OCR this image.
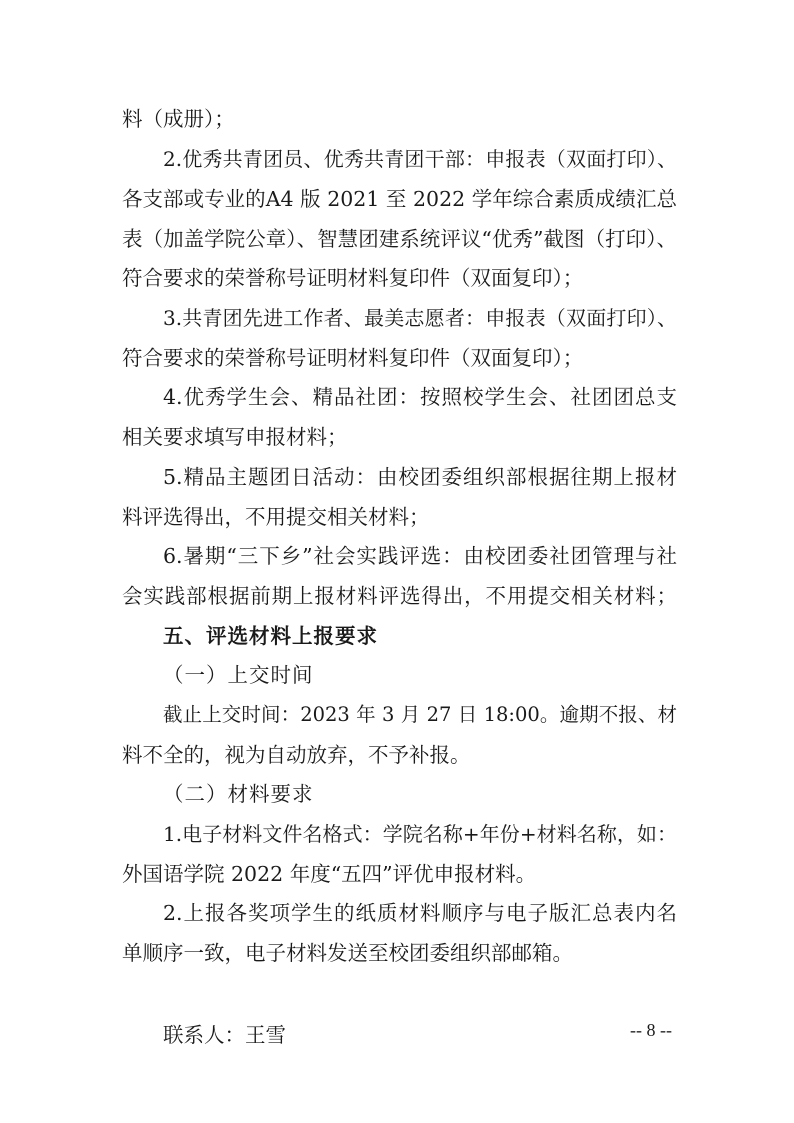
料（成册）；
2.优秀共青团员、优秀共青团干部：申报表（双面打印）、
各支部或专业的A4 版 2021 至 2022 学年综合素质成绩汇总
表（加盖学院公章）、智慧团建系统评议“优秀”截图（打印）、
符合要求的荣誉称号证明材料复印件（双面复印）；
3.共青团先进工作者、最美志愿者：申报表（双面打印）、
符合要求的荣誉称号证明材料复印件（双面复印）；
4.优秀学生会、精品社团：按照校学生会、社团团总支
相关要求填写申报材料；
5.精品主题团日活动：由校团委组织部根据往期上报材
料评选得出，不用提交相关材料；
6.暑期“三下乡”社会实践评选：由校团委社团管理与社
会实践部根据前期上报材料评选得出，不用提交相关材料；
五、评选材料上报要求
（一）上交时间
截止上交时间：2023 年 3 月 27 日 18:00。逾期不报、材
料不全的，视为自动放弃，不予补报。
（二）材料要求
1.电子材料文件名格式：学院名称+年份+材料名称，如：
外国语学院 2022 年度“五四”评优申报材料。
2.上报各奖项学生的纸质材料顺序与电子版汇总表内名
单顺序一致，电子材料发送至校团委组织部邮箱。
联系人：王雪	-- 8 --
